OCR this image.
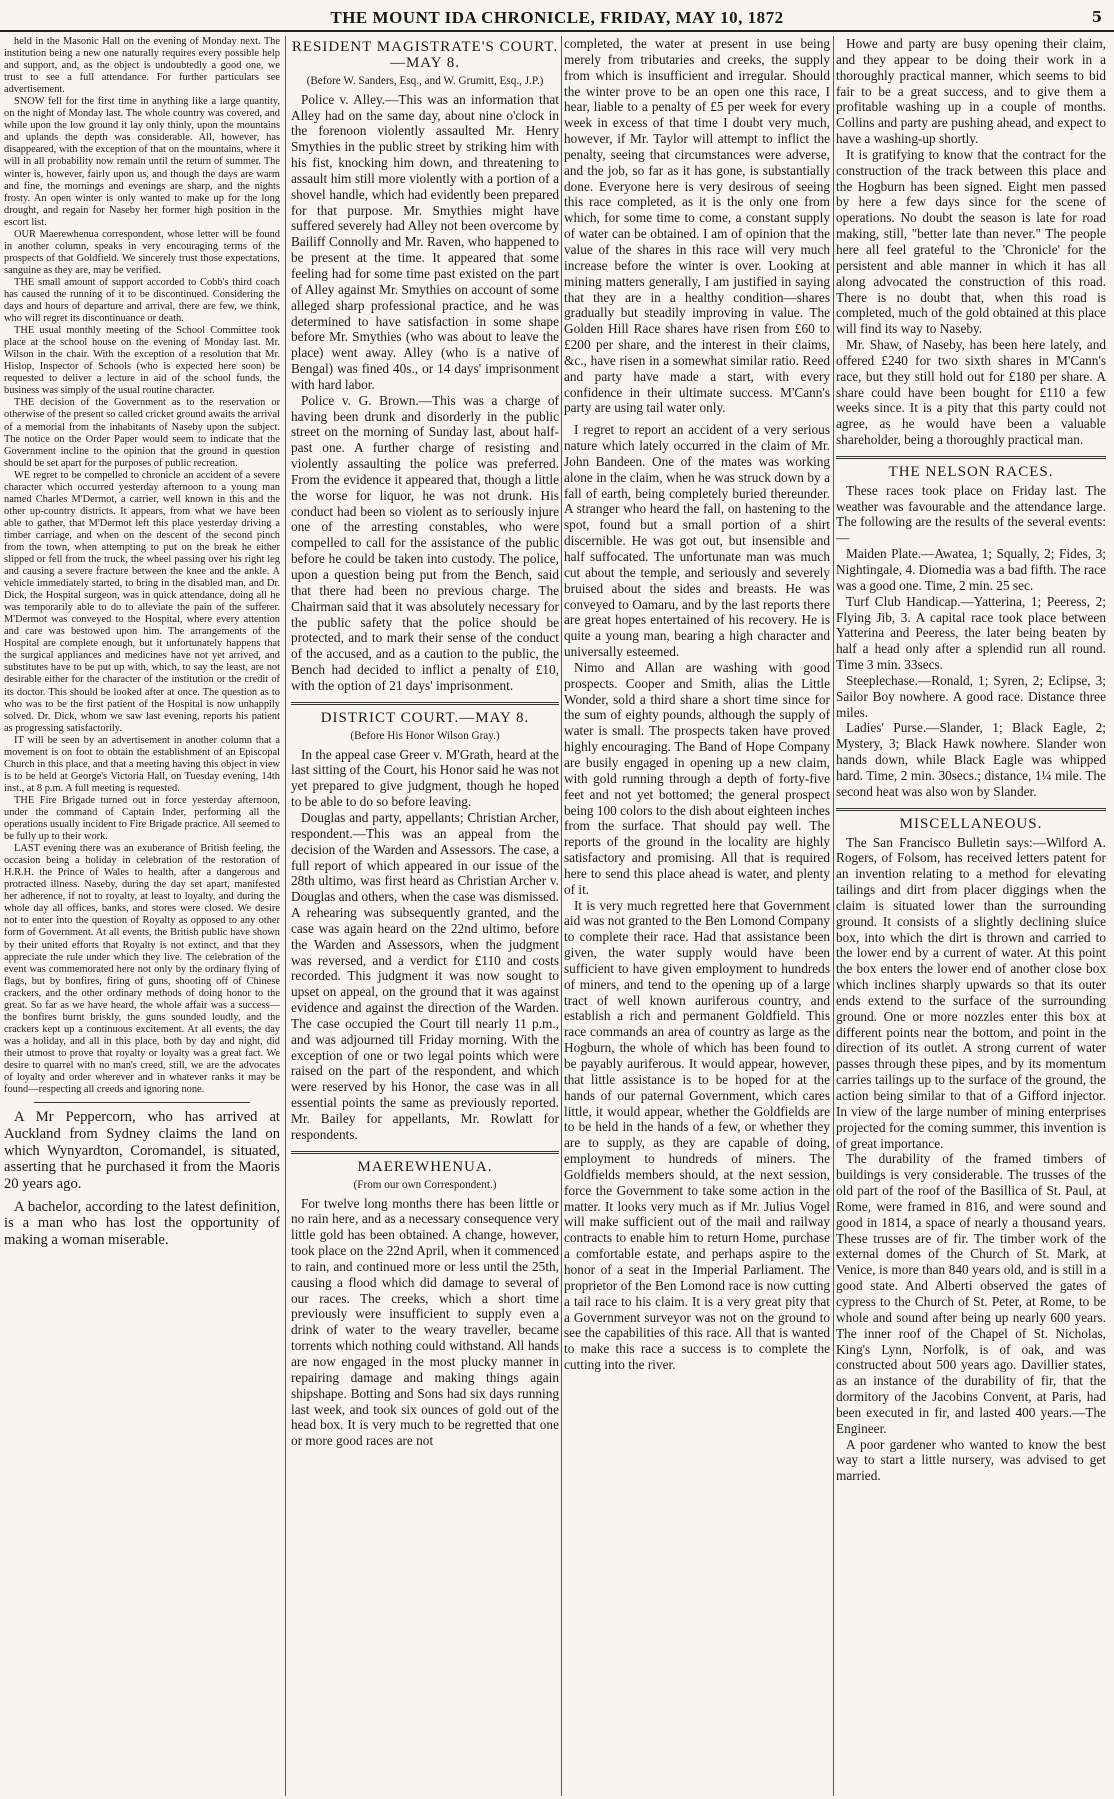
THE MOUNT IDA CHRONICLE, FRIDAY, MAY 10, 1872	5

held in the Masonic Hall on the evening of Monday next. The institution being a new one naturally requires every possible help and support, and, as the object is undoubtedly a good one, we trust to see a full attendance. For further particulars see advertisement.

SNOW fell for the first time in anything like a large quantity, on the night of Monday last. The whole country was covered, and while upon the low ground it lay only thinly, upon the mountains and uplands the depth was considerable. All, however, has disappeared, with the exception of that on the mountains, where it will in all probability now remain until the return of summer. The winter is, however, fairly upon us, and though the days are warm and fine, the mornings and evenings are sharp, and the nights frosty. An open winter is only wanted to make up for the long drought, and regain for Naseby her former high position in the escort list.

OUR Maerewhenua correspondent, whose letter will be found in another column, speaks in very encouraging terms of the prospects of that Goldfield. We sincerely trust those expectations, sanguine as they are, may be verified.

THE small amount of support accorded to Cobb's third coach has caused the running of it to be discontinued. Considering the days and hours of departure and arrival, there are few, we think, who will regret its discontinuance or death.

THE usual monthly meeting of the School Committee took place at the school house on the evening of Monday last. Mr. Wilson in the chair. With the exception of a resolution that Mr. Hislop, Inspector of Schools (who is expected here soon) be requested to deliver a lecture in aid of the school funds, the business was simply of the usual routine character.

THE decision of the Government as to the reservation or otherwise of the present so called cricket ground awaits the arrival of a memorial from the inhabitants of Naseby upon the subject. The notice on the Order Paper would seem to indicate that the Government incline to the opinion that the ground in question should be set apart for the purposes of public recreation.

WE regret to be compelled to chronicle an accident of a severe character which occurred yesterday afternoon to a young man named Charles M'Dermot, a carrier, well known in this and the other up-country districts. It appears, from what we have been able to gather, that M'Dermot left this place yesterday driving a timber carriage, and when on the descent of the second pinch from the town, when attempting to put on the break he either slipped or fell from the truck, the wheel passing over his right leg and causing a severe fracture between the knee and the ankle. A vehicle immediately started, to bring in the disabled man, and Dr. Dick, the Hospital surgeon, was in quick attendance, doing all he was temporarily able to do to alleviate the pain of the sufferer. M'Dermot was conveyed to the Hospital, where every attention and care was bestowed upon him. The arrangements of the Hospital are complete enough, but it unfortunately happens that the surgical appliances and medicines have not yet arrived, and substitutes have to be put up with, which, to say the least, are not desirable either for the character of the institution or the credit of its doctor. This should be looked after at once. The question as to who was to be the first patient of the Hospital is now unhappily solved. Dr. Dick, whom we saw last evening, reports his patient as progressing satisfactorily.

IT will be seen by an advertisement in another column that a movement is on foot to obtain the establishment of an Episcopal Church in this place, and that a meeting having this object in view is to be held at George's Victoria Hall, on Tuesday evening, 14th inst., at 8 p.m. A full meeting is requested.

THE Fire Brigade turned out in force yesterday afternoon, under the command of Captain Inder, performing all the operations usually incident to Fire Brigade practice. All seemed to be fully up to their work.

LAST evening there was an exuberance of British feeling, the occasion being a holiday in celebration of the restoration of H.R.H. the Prince of Wales to health, after a dangerous and protracted illness. Naseby, during the day set apart, manifested her adherence, if not to royalty, at least to loyalty, and during the whole day all offices, banks, and stores were closed. We desire not to enter into the question of Royalty as opposed to any other form of Government. At all events, the British public have shown by their united efforts that Royalty is not extinct, and that they appreciate the rule under which they live. The celebration of the event was commemorated here not only by the ordinary flying of flags, but by bonfires, firing of guns, shooting off of Chinese crackers, and the other ordinary methods of doing honor to the great. So far as we have heard, the whole affair was a success—the bonfires burnt briskly, the guns sounded loudly, and the crackers kept up a continuous excitement. At all events, the day was a holiday, and all in this place, both by day and night, did their utmost to prove that royalty or loyalty was a great fact. We desire to quarrel with no man's creed, still, we are the advocates of loyalty and order wherever and in whatever ranks it may be found—respecting all creeds and ignoring none.

A Mr Peppercorn, who has arrived at Auckland from Sydney claims the land on which Wynyardton, Coromandel, is situated, asserting that he purchased it from the Maoris 20 years ago.

A bachelor, according to the latest definition, is a man who has lost the opportunity of making a woman miserable.

RESIDENT MAGISTRATE'S COURT.—MAY 8.
(Before W. Sanders, Esq., and W. Grumitt, Esq., J.P.)

Police v. Alley.—This was an information that Alley had on the same day, about nine o'clock in the forenoon violently assaulted Mr. Henry Smythies in the public street by striking him with his fist, knocking him down, and threatening to assault him still more violently with a portion of a shovel handle, which had evidently been prepared for that purpose. Mr. Smythies might have suffered severely had Alley not been overcome by Bailiff Connolly and Mr. Raven, who happened to be present at the time. It appeared that some feeling had for some time past existed on the part of Alley against Mr. Smythies on account of some alleged sharp professional practice, and he was determined to have satisfaction in some shape before Mr. Smythies (who was about to leave the place) went away. Alley (who is a native of Bengal) was fined 40s., or 14 days' imprisonment with hard labor.

Police v. G. Brown.—This was a charge of having been drunk and disorderly in the public street on the morning of Sunday last, about half-past one. A further charge of resisting and violently assaulting the police was preferred. From the evidence it appeared that, though a little the worse for liquor, he was not drunk. His conduct had been so violent as to seriously injure one of the arresting constables, who were compelled to call for the assistance of the public before he could be taken into custody. The police, upon a question being put from the Bench, said that there had been no previous charge. The Chairman said that it was absolutely necessary for the public safety that the police should be protected, and to mark their sense of the conduct of the accused, and as a caution to the public, the Bench had decided to inflict a penalty of £10, with the option of 21 days' imprisonment.

DISTRICT COURT.—MAY 8.
(Before His Honor Wilson Gray.)

In the appeal case Greer v. M'Grath, heard at the last sitting of the Court, his Honor said he was not yet prepared to give judgment, though he hoped to be able to do so before leaving.

Douglas and party, appellants; Christian Archer, respondent.—This was an appeal from the decision of the Warden and Assessors. The case, a full report of which appeared in our issue of the 28th ultimo, was first heard as Christian Archer v. Douglas and others, when the case was dismissed. A rehearing was subsequently granted, and the case was again heard on the 22nd ultimo, before the Warden and Assessors, when the judgment was reversed, and a verdict for £110 and costs recorded. This judgment it was now sought to upset on appeal, on the ground that it was against evidence and against the direction of the Warden. The case occupied the Court till nearly 11 p.m., and was adjourned till Friday morning. With the exception of one or two legal points which were raised on the part of the respondent, and which were reserved by his Honor, the case was in all essential points the same as previously reported. Mr. Bailey for appellants, Mr. Rowlatt for respondents.

MAEREWHENUA.
(From our own Correspondent.)

For twelve long months there has been little or no rain here, and as a necessary consequence very little gold has been obtained. A change, however, took place on the 22nd April, when it commenced to rain, and continued more or less until the 25th, causing a flood which did damage to several of our races. The creeks, which a short time previously were insufficient to supply even a drink of water to the weary traveller, became torrents which nothing could withstand. All hands are now engaged in the most plucky manner in repairing damage and making things again shipshape. Botting and Sons had six days running last week, and took six ounces of gold out of the head box. It is very much to be regretted that one or more good races are not

completed, the water at present in use being merely from tributaries and creeks, the supply from which is insufficient and irregular. Should the winter prove to be an open one this race, I hear, liable to a penalty of £5 per week for every week in excess of that time I doubt very much, however, if Mr. Taylor will attempt to inflict the penalty, seeing that circumstances were adverse, and the job, so far as it has gone, is substantially done. Everyone here is very desirous of seeing this race completed, as it is the only one from which, for some time to come, a constant supply of water can be obtained. I am of opinion that the value of the shares in this race will very much increase before the winter is over. Looking at mining matters generally, I am justified in saying that they are in a healthy condition—shares gradually but steadily improving in value. The Golden Hill Race shares have risen from £60 to £200 per share, and the interest in their claims, &c., have risen in a somewhat similar ratio. Reed and party have made a start, with every confidence in their ultimate success. M'Cann's party are using tail water only.

I regret to report an accident of a very serious nature which lately occurred in the claim of Mr. John Bandeen. One of the mates was working alone in the claim, when he was struck down by a fall of earth, being completely buried thereunder. A stranger who heard the fall, on hastening to the spot, found but a small portion of a shirt discernible. He was got out, but insensible and half suffocated. The unfortunate man was much cut about the temple, and seriously and severely bruised about the sides and breasts. He was conveyed to Oamaru, and by the last reports there are great hopes entertained of his recovery. He is quite a young man, bearing a high character and universally esteemed.

Nimo and Allan are washing with good prospects. Cooper and Smith, alias the Little Wonder, sold a third share a short time since for the sum of eighty pounds, although the supply of water is small. The prospects taken have proved highly encouraging. The Band of Hope Company are busily engaged in opening up a new claim, with gold running through a depth of forty-five feet and not yet bottomed; the general prospect being 100 colors to the dish about eighteen inches from the surface. That should pay well. The reports of the ground in the locality are highly satisfactory and promising. All that is required here to send this place ahead is water, and plenty of it.

It is very much regretted here that Government aid was not granted to the Ben Lomond Company to complete their race. Had that assistance been given, the water supply would have been sufficient to have given employment to hundreds of miners, and tend to the opening up of a large tract of well known auriferous country, and establish a rich and permanent Goldfield. This race commands an area of country as large as the Hogburn, the whole of which has been found to be payably auriferous. It would appear, however, that little assistance is to be hoped for at the hands of our paternal Government, which cares little, it would appear, whether the Goldfields are to be held in the hands of a few, or whether they are to supply, as they are capable of doing, employment to hundreds of miners. The Goldfields members should, at the next session, force the Government to take some action in the matter. It looks very much as if Mr. Julius Vogel will make sufficient out of the mail and railway contracts to enable him to return Home, purchase a comfortable estate, and perhaps aspire to the honor of a seat in the Imperial Parliament. The proprietor of the Ben Lomond race is now cutting a tail race to his claim. It is a very great pity that a Government surveyor was not on the ground to see the capabilities of this race. All that is wanted to make this race a success is to complete the cutting into the river.

Howe and party are busy opening their claim, and they appear to be doing their work in a thoroughly practical manner, which seems to bid fair to be a great success, and to give them a profitable washing up in a couple of months. Collins and party are pushing ahead, and expect to have a washing-up shortly.

It is gratifying to know that the contract for the construction of the track between this place and the Hogburn has been signed. Eight men passed by here a few days since for the scene of operations. No doubt the season is late for road making, still, "better late than never." The people here all feel grateful to the 'Chronicle' for the persistent and able manner in which it has all along advocated the construction of this road. There is no doubt that, when this road is completed, much of the gold obtained at this place will find its way to Naseby.

Mr. Shaw, of Naseby, has been here lately, and offered £240 for two sixth shares in M'Cann's race, but they still hold out for £180 per share. A share could have been bought for £110 a few weeks since. It is a pity that this party could not agree, as he would have been a valuable shareholder, being a thoroughly practical man.

THE NELSON RACES.

These races took place on Friday last. The weather was favourable and the attendance large. The following are the results of the several events:—

Maiden Plate.—Awatea, 1; Squally, 2; Fides, 3; Nightingale, 4. Diomedia was a bad fifth. The race was a good one. Time, 2 min. 25 sec.

Turf Club Handicap.—Yatterina, 1; Peeress, 2; Flying Jib, 3. A capital race took place between Yatterina and Peeress, the later being beaten by half a head only after a splendid run all round. Time 3 min. 33secs.

Steeplechase.—Ronald, 1; Syren, 2; Eclipse, 3; Sailor Boy nowhere. A good race. Distance three miles.

Ladies' Purse.—Slander, 1; Black Eagle, 2; Mystery, 3; Black Hawk nowhere. Slander won hands down, while Black Eagle was whipped hard. Time, 2 min. 30secs.; distance, 1¼ mile. The second heat was also won by Slander.

MISCELLANEOUS.

The San Francisco Bulletin says:—Wilford A. Rogers, of Folsom, has received letters patent for an invention relating to a method for elevating tailings and dirt from placer diggings when the claim is situated lower than the surrounding ground. It consists of a slightly declining sluice box, into which the dirt is thrown and carried to the lower end by a current of water. At this point the box enters the lower end of another close box which inclines sharply upwards so that its outer ends extend to the surface of the surrounding ground. One or more nozzles enter this box at different points near the bottom, and point in the direction of its outlet. A strong current of water passes through these pipes, and by its momentum carries tailings up to the surface of the ground, the action being similar to that of a Gifford injector. In view of the large number of mining enterprises projected for the coming summer, this invention is of great importance.

The durability of the framed timbers of buildings is very considerable. The trusses of the old part of the roof of the Basillica of St. Paul, at Rome, were framed in 816, and were sound and good in 1814, a space of nearly a thousand years. These trusses are of fir. The timber work of the external domes of the Church of St. Mark, at Venice, is more than 840 years old, and is still in a good state. And Alberti observed the gates of cypress to the Church of St. Peter, at Rome, to be whole and sound after being up nearly 600 years. The inner roof of the Chapel of St. Nicholas, King's Lynn, Norfolk, is of oak, and was constructed about 500 years ago. Davillier states, as an instance of the durability of fir, that the dormitory of the Jacobins Convent, at Paris, had been executed in fir, and lasted 400 years.—The Engineer.

A poor gardener who wanted to know the best way to start a little nursery, was advised to get married.
